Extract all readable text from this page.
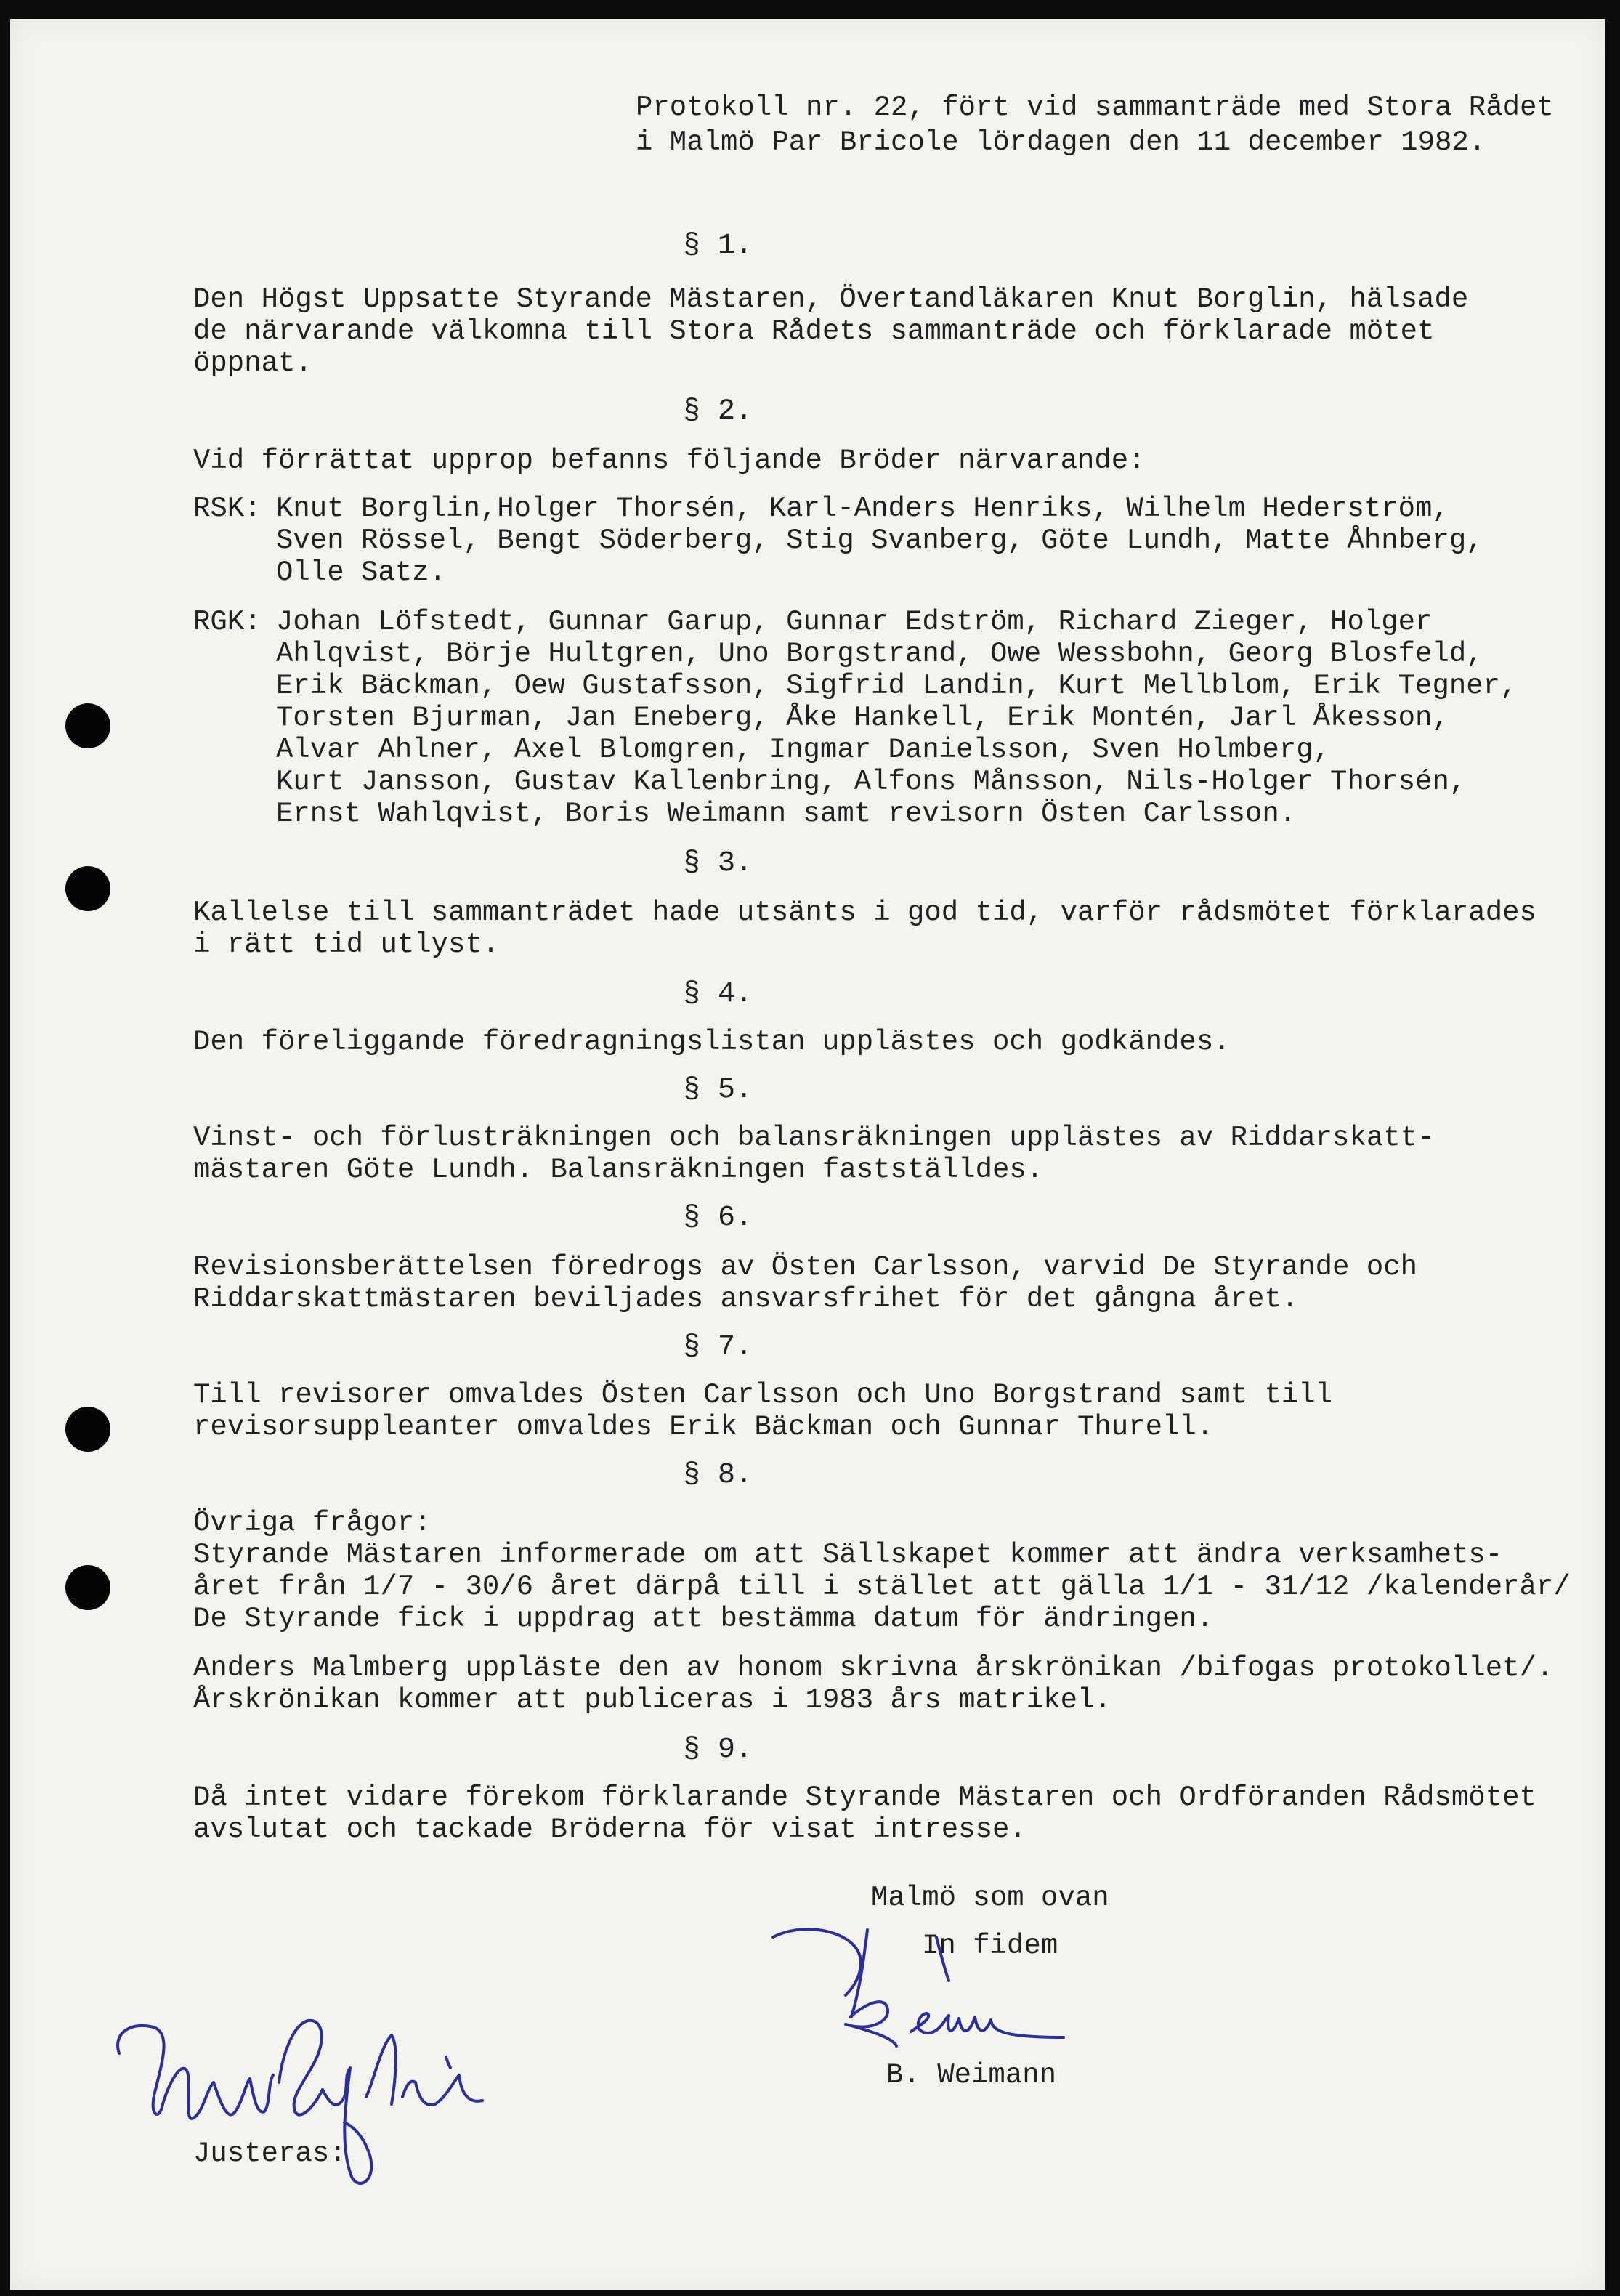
Protokoll nr. 22, fört vid sammanträde med Stora Rådet
i Malmö Par Bricole lördagen den 11 december 1982.
§ 1.
Den Högst Uppsatte Styrande Mästaren, Övertandläkaren Knut Borglin, hälsade
de närvarande välkomna till Stora Rådets sammanträde och förklarade mötet
öppnat.
§ 2.
Vid förrättat upprop befanns följande Bröder närvarande:
RSK: Knut Borglin,Holger Thorsén, Karl-Anders Henriks, Wilhelm Hederström,
Sven Rössel, Bengt Söderberg, Stig Svanberg, Göte Lundh, Matte Åhnberg,
Olle Satz.
RGK: Johan Löfstedt, Gunnar Garup, Gunnar Edström, Richard Zieger, Holger
Ahlqvist, Börje Hultgren, Uno Borgstrand, Owe Wessbohn, Georg Blosfeld,
Erik Bäckman, Oew Gustafsson, Sigfrid Landin, Kurt Mellblom, Erik Tegner,
Torsten Bjurman, Jan Eneberg, Åke Hankell, Erik Montén, Jarl Åkesson,
Alvar Ahlner, Axel Blomgren, Ingmar Danielsson, Sven Holmberg,
Kurt Jansson, Gustav Kallenbring, Alfons Månsson, Nils-Holger Thorsén,
Ernst Wahlqvist, Boris Weimann samt revisorn Östen Carlsson.
§ 3.
Kallelse till sammanträdet hade utsänts i god tid, varför rådsmötet förklarades
i rätt tid utlyst.
§ 4.
Den föreliggande föredragningslistan upplästes och godkändes.
§ 5.
Vinst- och förlusträkningen och balansräkningen upplästes av Riddarskatt-
mästaren Göte Lundh. Balansräkningen fastställdes.
§ 6.
Revisionsberättelsen föredrogs av Östen Carlsson, varvid De Styrande och
Riddarskattmästaren beviljades ansvarsfrihet för det gångna året.
§ 7.
Till revisorer omvaldes Östen Carlsson och Uno Borgstrand samt till
revisorsuppleanter omvaldes Erik Bäckman och Gunnar Thurell.
§ 8.
Övriga frågor:
Styrande Mästaren informerade om att Sällskapet kommer att ändra verksamhets-
året från 1/7 - 30/6 året därpå till i stället att gälla 1/1 - 31/12 /kalenderår/
De Styrande fick i uppdrag att bestämma datum för ändringen.
Anders Malmberg uppläste den av honom skrivna årskrönikan /bifogas protokollet/.
Årskrönikan kommer att publiceras i 1983 års matrikel.
§ 9.
Då intet vidare förekom förklarande Styrande Mästaren och Ordföranden Rådsmötet
avslutat och tackade Bröderna för visat intresse.
Malmö som ovan
In fidem
B. Weimann
Justeras:
